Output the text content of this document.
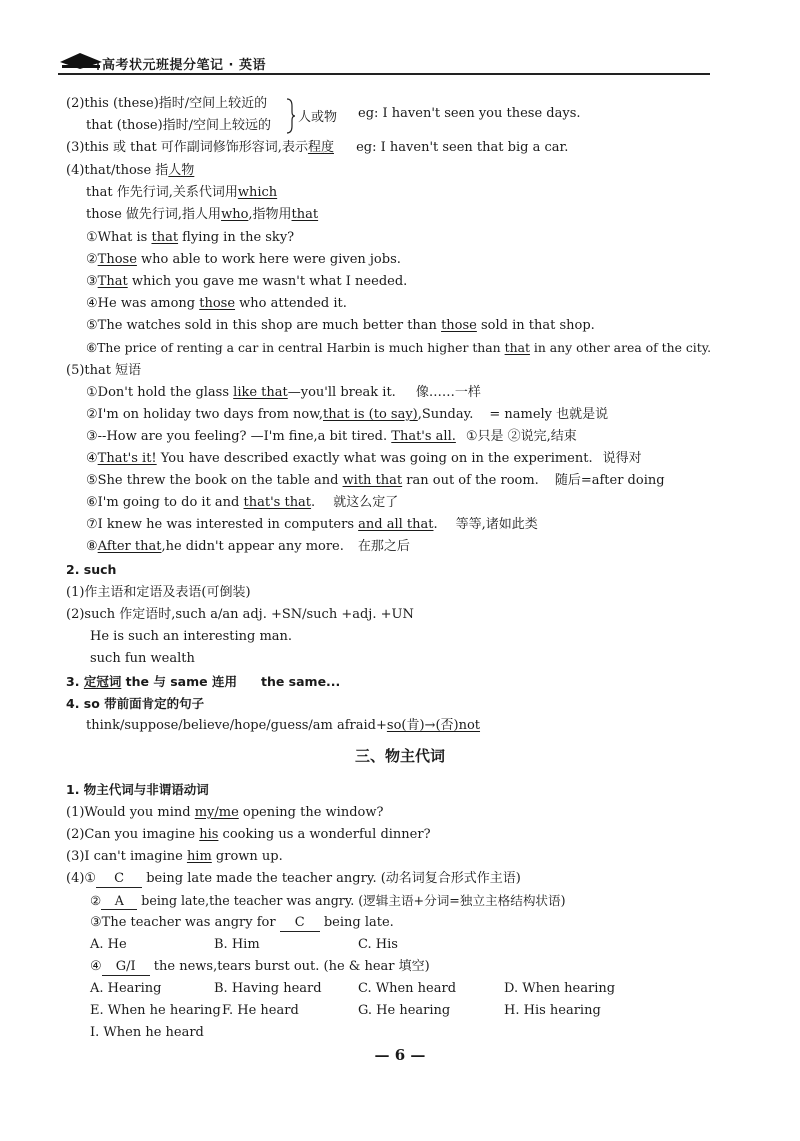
高考状元班提分笔记 · 英语
(2)this (these)指时/空间上较近的
that (those)指时/空间上较远的
人或物 eg: I haven't seen you these days.
(3)this 或 that 可作副词修饰形容词,表示程度 eg: I haven't seen that big a car.
(4)that/those 指人物
that 作先行词,关系代词用which
those 做先行词,指人用who,指物用that
①What is that flying in the sky?
②Those who able to work here were given jobs.
③That which you gave me wasn't what I needed.
④He was among those who attended it.
⑤The watches sold in this shop are much better than those sold in that shop.
⑥The price of renting a car in central Harbin is much higher than that in any other area of the city.
(5)that 短语
①Don't hold the glass like that—you'll break it. 像……一样
②I'm on holiday two days from now,that is (to say),Sunday. = namely 也就是说
③--How are you feeling? —I'm fine,a bit tired. That's all. ①只是 ②说完,结束
④That's it! You have described exactly what was going on in the experiment. 说得对
⑤She threw the book on the table and with that ran out of the room. 随后=after doing
⑥I'm going to do it and that's that. 就这么定了
⑦I knew he was interested in computers and all that. 等等,诸如此类
⑧After that,he didn't appear any more. 在那之后
2. such
(1)作主语和定语及表语(可倒装)
(2)such 作定语时,such a/an adj. +SN/such +adj. +UN
He is such an interesting man.
such fun wealth
3. 定冠词 the 与 same 连用 the same...
4. so 带前面肯定的句子
think/suppose/believe/hope/guess/am afraid+so(肯)→(否)not
三、物主代词
1. 物主代词与非谓语动词
(1)Would you mind my/me opening the window?
(2)Can you imagine his cooking us a wonderful dinner?
(3)I can't imagine him grown up.
(4)① C being late made the teacher angry. (动名词复合形式作主语)
② A being late,the teacher was angry. (逻辑主语+分词=独立主格结构状语)
③The teacher was angry for C being late.
A. He	B. Him	C. His
④ G/I the news,tears burst out. (he & hear 填空)
A. Hearing	B. Having heard	C. When heard	D. When hearing
E. When he hearing F. He heard	G. He hearing	H. His hearing
I. When he heard
— 6 —
